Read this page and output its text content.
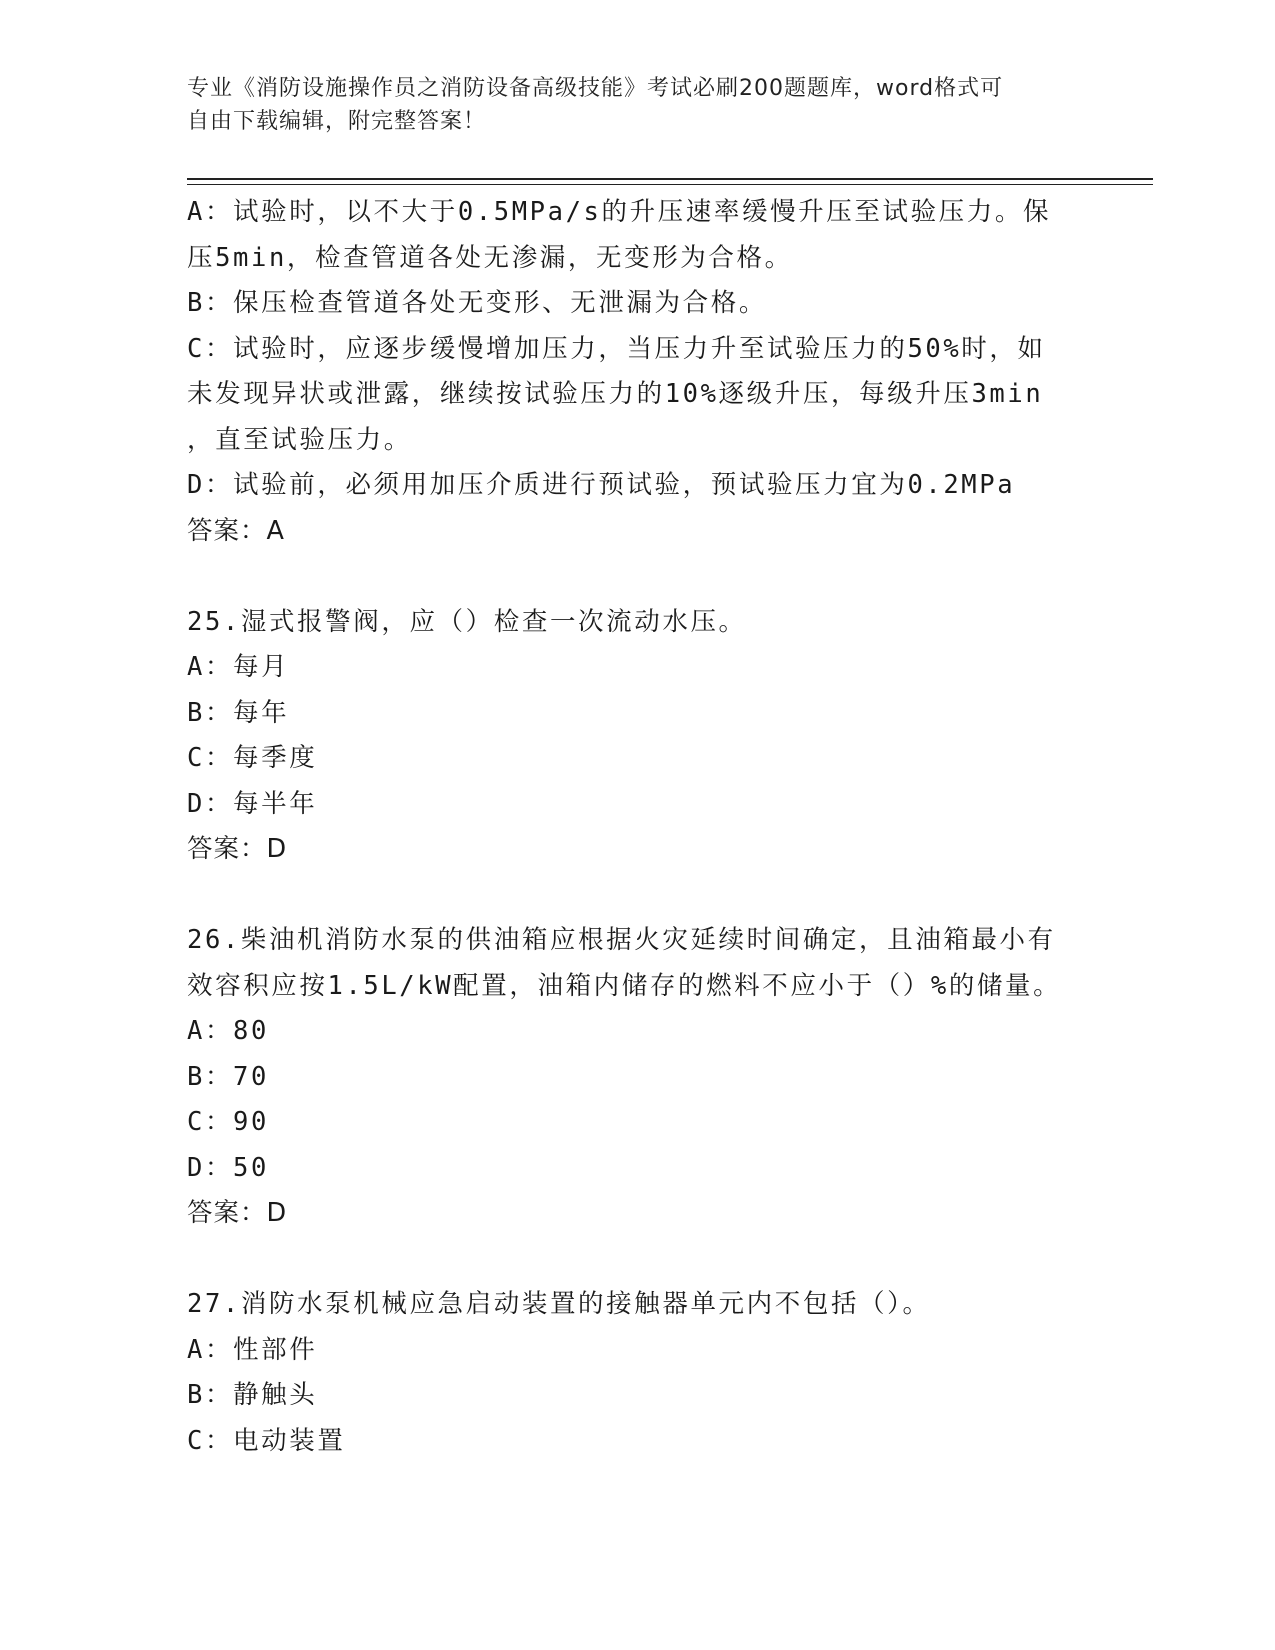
专业《消防设施操作员之消防设备高级技能》考试必刷200题题库，word格式可
自由下载编辑，附完整答案！
A：试验时，以不大于0.5MPa/s的升压速率缓慢升压至试验压力。保
压5min，检查管道各处无渗漏，无变形为合格。
B：保压检查管道各处无变形、无泄漏为合格。
C：试验时，应逐步缓慢增加压力，当压力升至试验压力的50%时，如
未发现异状或泄露，继续按试验压力的10%逐级升压，每级升压3min
，直至试验压力。
D：试验前，必须用加压介质进行预试验，预试验压力宜为0.2MPa
答案：A
25.湿式报警阀，应（）检查一次流动水压。
A：每月
B：每年
C：每季度
D：每半年
答案：D
26.柴油机消防水泵的供油箱应根据火灾延续时间确定，且油箱最小有
效容积应按1.5L/kW配置，油箱内储存的燃料不应小于（）%的储量。
A：80
B：70
C：90
D：50
答案：D
27.消防水泵机械应急启动装置的接触器单元内不包括（）。
A：性部件
B：静触头
C：电动装置
